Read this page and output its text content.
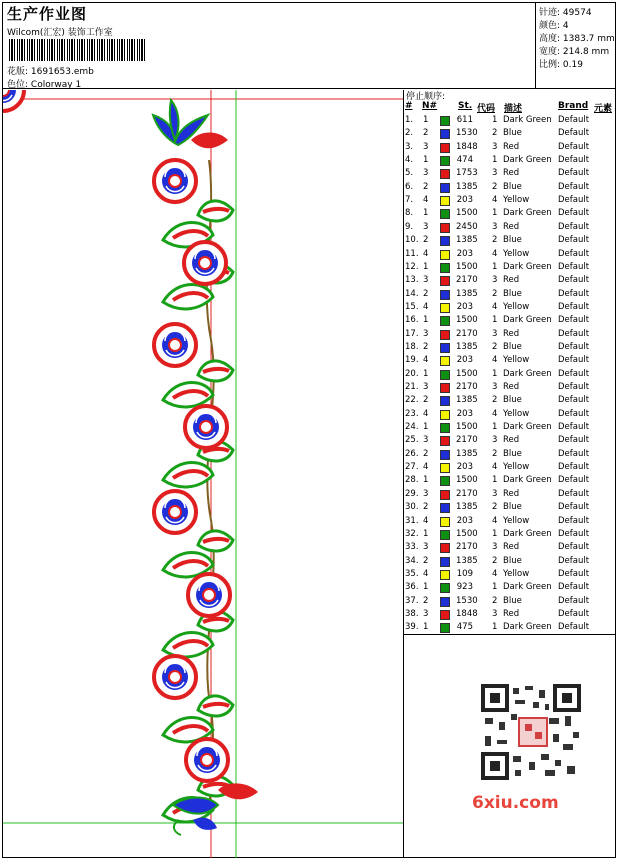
生产作业图
Wilcom(汇宏) 装饰工作室
花版: 1691653.emb
色位: Colorway 1
针迹: 49574
颜色: 4
高度: 1383.7 mm
宽度: 214.8 mm
比例: 0.19
停止顺序:
# N# St. 代码 描述	Brand 元素
1. 1	611 1 Dark Green Default
2. 2	1530 2 Blue	Default
3. 3	1848 3 Red	Default
4. 1	474 1 Dark Green Default
5. 3	1753 3 Red	Default
6. 2	1385 2 Blue	Default
7. 4	203 4 Yellow	Default
8. 1	1500 1 Dark Green Default
9. 3	2450 3 Red	Default
10. 2	1385 2 Blue	Default
11. 4	203 4 Yellow	Default
12. 1	1500 1 Dark Green Default
13. 3	2170 3 Red	Default
14. 2	1385 2 Blue	Default
15. 4	203 4 Yellow	Default
16. 1	1500 1 Dark Green Default
17. 3	2170 3 Red	Default
18. 2	1385 2 Blue	Default
19. 4	203 4 Yellow	Default
20. 1	1500 1 Dark Green Default
21. 3	2170 3 Red	Default
22. 2	1385 2 Blue	Default
23. 4	203 4 Yellow	Default
24. 1	1500 1 Dark Green Default
25. 3	2170 3 Red	Default
26. 2	1385 2 Blue	Default
27. 4	203 4 Yellow	Default
28. 1	1500 1 Dark Green Default
29. 3	2170 3 Red	Default
30. 2	1385 2 Blue	Default
31. 4	203 4 Yellow	Default
32. 1	1500 1 Dark Green Default
33. 3	2170 3 Red	Default
34. 2	1385 2 Blue	Default
35. 4	109 4 Yellow	Default
36. 1	923 1 Dark Green Default
37. 2	1530 2 Blue	Default
38. 3	1848 3 Red	Default
39. 1	475 1 Dark Green Default
6xiu.com
